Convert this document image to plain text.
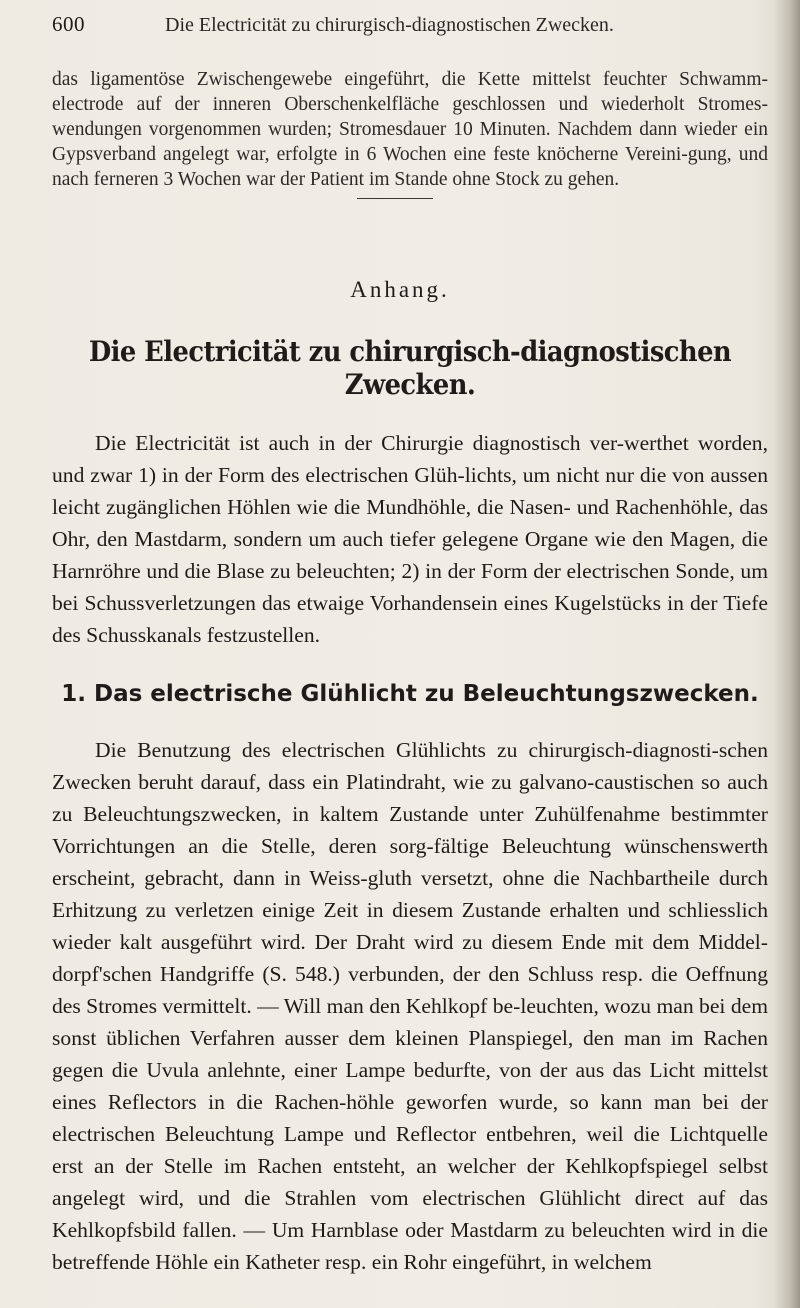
600	Die Electricität zu chirurgisch-diagnostischen Zwecken.
das ligamentöse Zwischengewebe eingeführt, die Kette mittelst feuchter Schwamm-electrode auf der inneren Oberschenkelfläche geschlossen und wiederholt Stromes-wendungen vorgenommen wurden; Stromesdauer 10 Minuten. Nachdem dann wieder ein Gypsverband angelegt war, erfolgte in 6 Wochen eine feste knöcherne Vereini-gung, und nach ferneren 3 Wochen war der Patient im Stande ohne Stock zu gehen.
Anhang.
Die Electricität zu chirurgisch-diagnostischen Zwecken.
Die Electricität ist auch in der Chirurgie diagnostisch ver-werthet worden, und zwar 1) in der Form des electrischen Glüh-lichts, um nicht nur die von aussen leicht zugänglichen Höhlen wie die Mundhöhle, die Nasen- und Rachenhöhle, das Ohr, den Mastdarm, sondern um auch tiefer gelegene Organe wie den Magen, die Harnröhre und die Blase zu beleuchten; 2) in der Form der electrischen Sonde, um bei Schussverletzungen das etwaige Vorhandensein eines Kugelstücks in der Tiefe des Schusskanals festzustellen.
1. Das electrische Glühlicht zu Beleuchtungszwecken.
Die Benutzung des electrischen Glühlichts zu chirurgisch-diagnosti-schen Zwecken beruht darauf, dass ein Platindraht, wie zu galvano-caustischen so auch zu Beleuchtungszwecken, in kaltem Zustande unter Zuhülfenahme bestimmter Vorrichtungen an die Stelle, deren sorg-fältige Beleuchtung wünschenswerth erscheint, gebracht, dann in Weiss-gluth versetzt, ohne die Nachbartheile durch Erhitzung zu verletzen einige Zeit in diesem Zustande erhalten und schliesslich wieder kalt ausgeführt wird. Der Draht wird zu diesem Ende mit dem Middel-dorpf'schen Handgriffe (S. 548.) verbunden, der den Schluss resp. die Oeffnung des Stromes vermittelt. — Will man den Kehlkopf be-leuchten, wozu man bei dem sonst üblichen Verfahren ausser dem kleinen Planspiegel, den man im Rachen gegen die Uvula anlehnte, einer Lampe bedurfte, von der aus das Licht mittelst eines Reflectors in die Rachen-höhle geworfen wurde, so kann man bei der electrischen Beleuchtung Lampe und Reflector entbehren, weil die Lichtquelle erst an der Stelle im Rachen entsteht, an welcher der Kehlkopfspiegel selbst angelegt wird, und die Strahlen vom electrischen Glühlicht direct auf das Kehlkopfsbild fallen. — Um Harnblase oder Mastdarm zu beleuchten wird in die betreffende Höhle ein Katheter resp. ein Rohr eingeführt, in welchem
